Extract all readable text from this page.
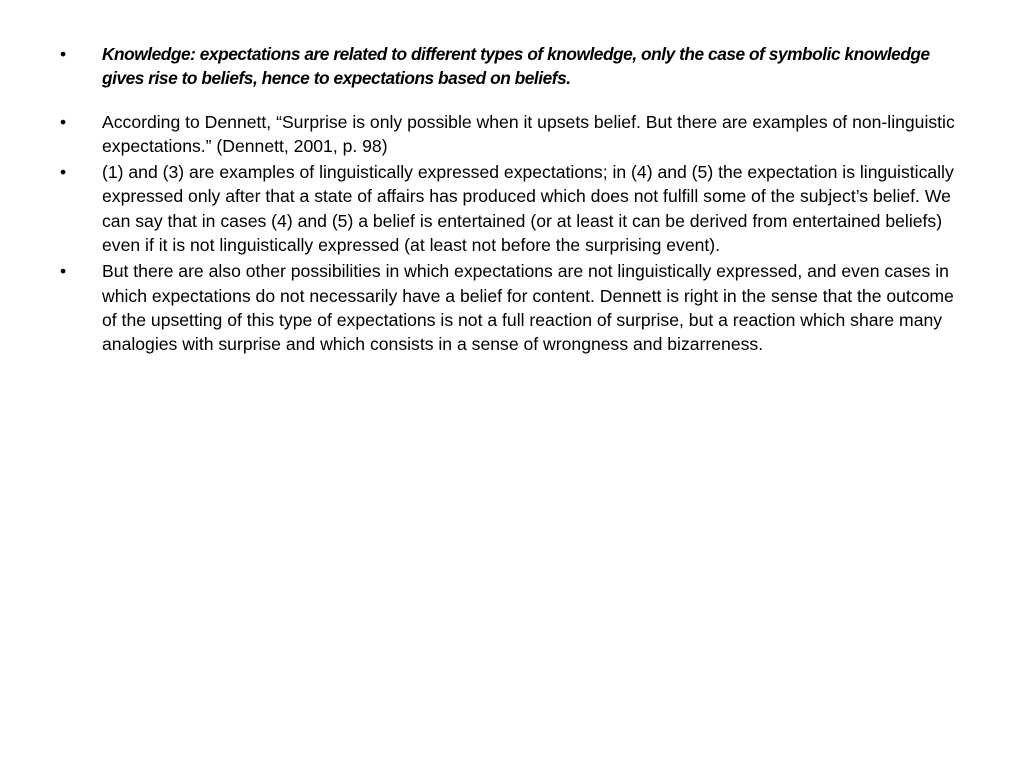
•	Knowledge: expectations are related to different types of knowledge, only the case of symbolic knowledge gives rise to beliefs, hence to expectations based on beliefs.
•	According to Dennett, “Surprise is only possible when it upsets belief. But there are examples of non-linguistic expectations.” (Dennett, 2001, p. 98)
•	(1) and (3) are examples of linguistically expressed expectations; in (4) and (5) the expectation is linguistically expressed only after that a state of affairs has produced which does not fulfill some of the subject’s belief. We can say that in cases (4) and (5) a belief is entertained (or at least it can be derived from entertained beliefs) even if it is not linguistically expressed (at least not before the surprising event).
•	But there are also other possibilities in which expectations are not linguistically expressed, and even cases in which expectations do not necessarily have a belief for content. Dennett is right in the sense that the outcome of the upsetting of this type of expectations is not a full reaction of surprise, but a reaction which share many analogies with surprise and which consists in a sense of wrongness and bizarreness.
